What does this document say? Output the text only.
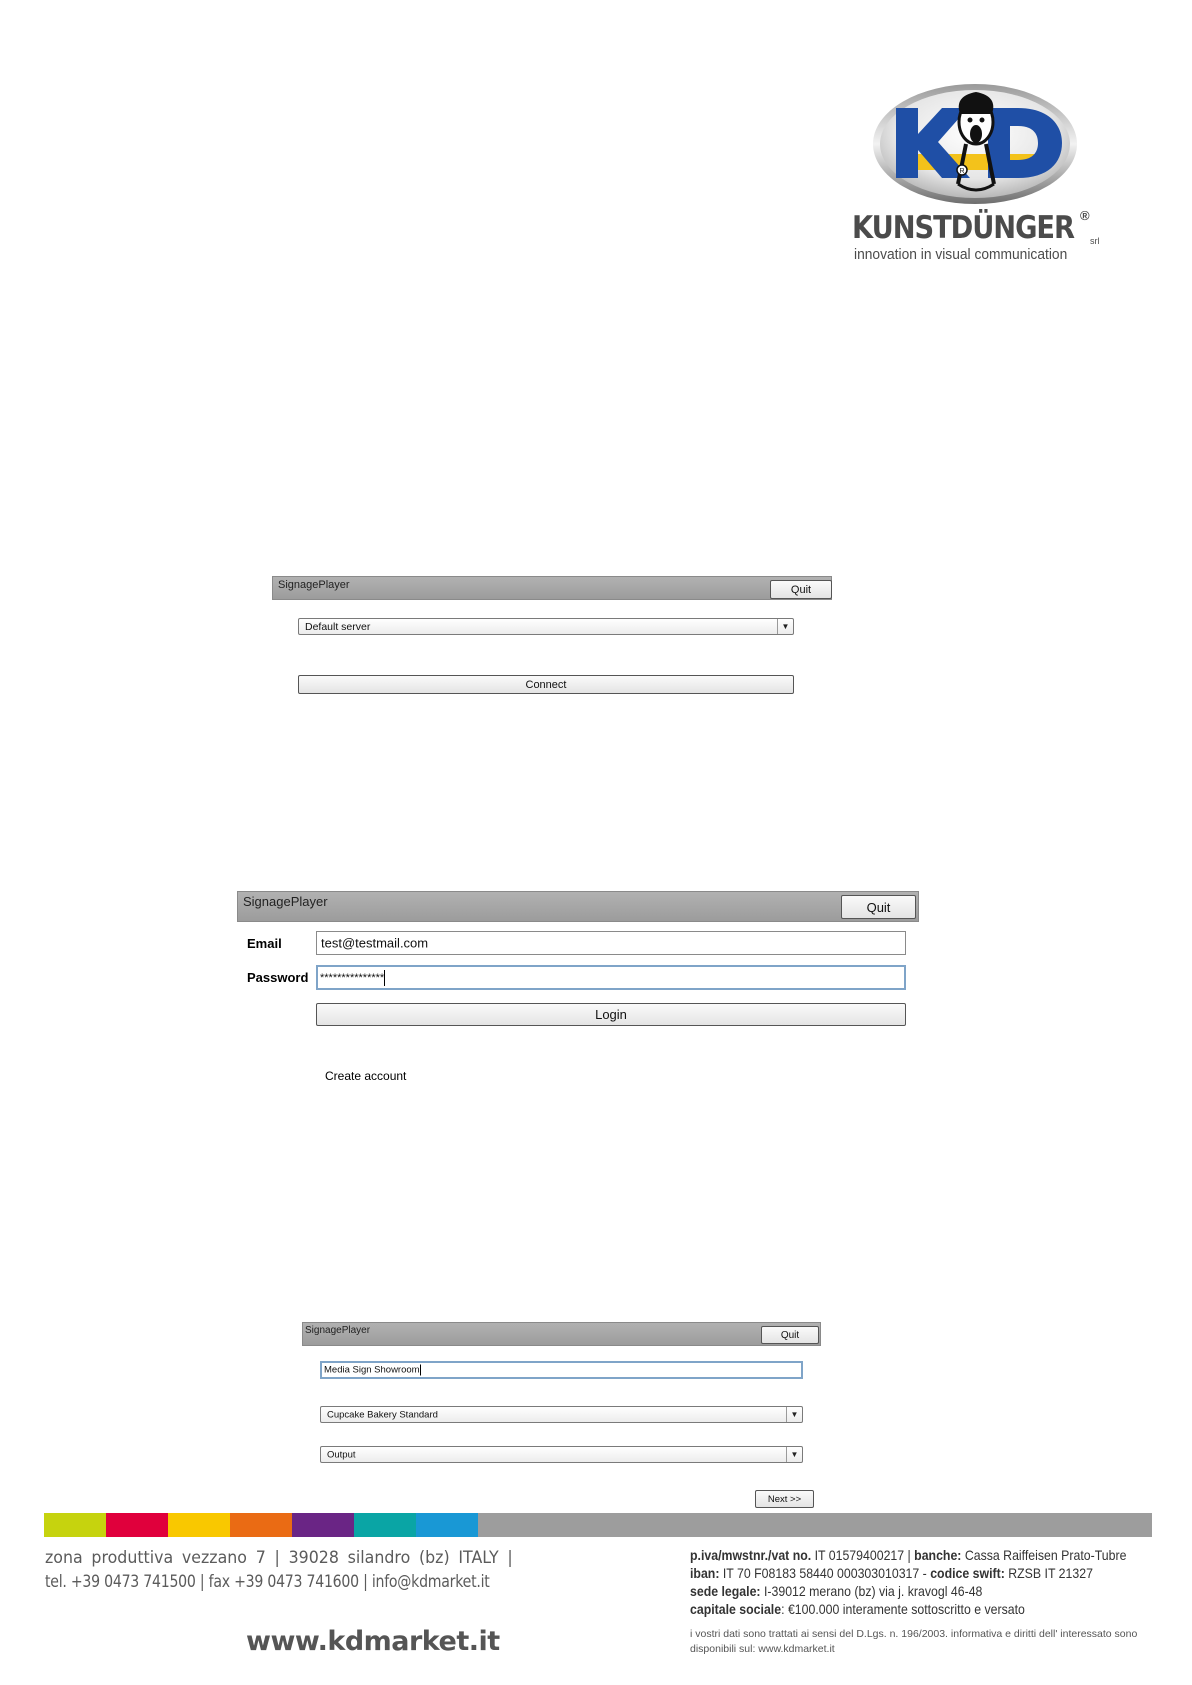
R
KUNSTDÜNGER ®
srl
innovation in visual communication
SignagePlayer	Quit
Default server	▼
Connect
SignagePlayer	Quit
Email	test@testmail.com
Password ***************
Login
Create account
SignagePlayer	Quit
Media Sign Showroom
Cupcake Bakery Standard	▼
Output	▼
Next >>
zona produttiva vezzano 7 | 39028 silandro (bz) ITALY |
tel. +39 0473 741500 | fax +39 0473 741600 | info@kdmarket.it
www.kdmarket.it
p.iva/mwstnr./vat no. IT 01579400217 | banche: Cassa Raiffeisen Prato-Tubre
iban: IT 70 F08183 58440 000303010317 - codice swift: RZSB IT 21327
sede legale: I-39012 merano (bz) via j. kravogl 46-48
capitale sociale: €100.000 interamente sottoscritto e versato
i vostri dati sono trattati ai sensi del D.Lgs. n. 196/2003. informativa e diritti dell' interessato sono disponibili sul: www.kdmarket.it
